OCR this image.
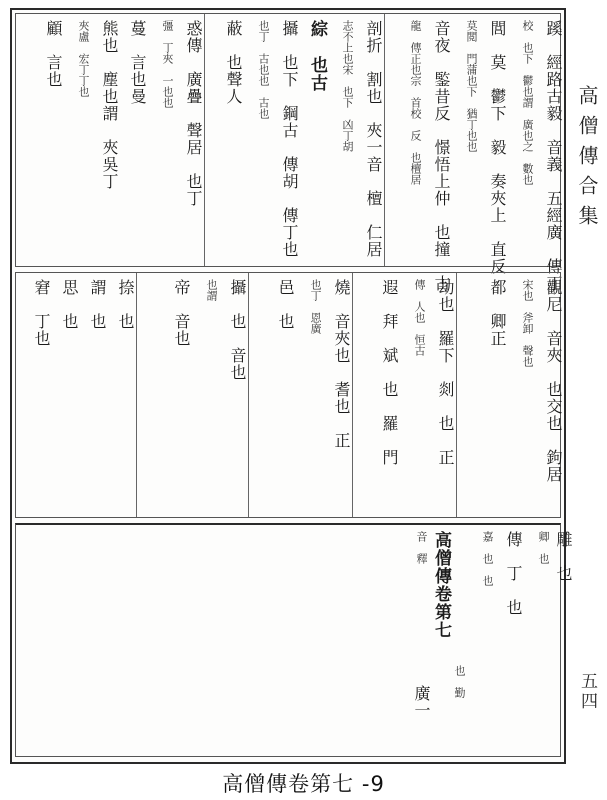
蹊　經路古毅　音義　五經廣　傳丁
校　也下　鬱也謂　廣也之　數也
閭　莫　鬱下　毅　奏夾上　直反
莫閲　門蒲也下　猶丁也也
音夜　鍳昔反　憬悟上仲　也撞　古
龍　傳正也宗　首校　反　也檀居
剖折　割也　夾一音　檀　仁居
志不上也宋　也下　凶丁胡
綜　也古
攝　也下　鋼古　傳胡　傳丁也
也丁　古也也　古也
蔽　也聲人
惑傳　廣疊　聲居　也丁
彊　丁夾　一也也
蔓　言也曼
熊也　塵也謂　夾吳丁
夾盧　宏丁丁也
顧　言也
觀尼　音夾　也交也　鉤居
宋也　斧卸　聲也
都　卿正
劫也　羅下　剡　也　正
傳　人也　恒古
遐　拜　斌　也　羅　門
燒　音夾也　耆也　正
也丁　恩廣
邑　也
攝　也　音也
也謂
帝　音也
捺　也
謂　也
思　也
窘　丁也
高僧傳卷第七
音　釋	嘉　也　也 傳　丁　也	卿　也 雕　也
也　勤
廣一
高僧傳合集
五四
高僧傳卷第七 -9
